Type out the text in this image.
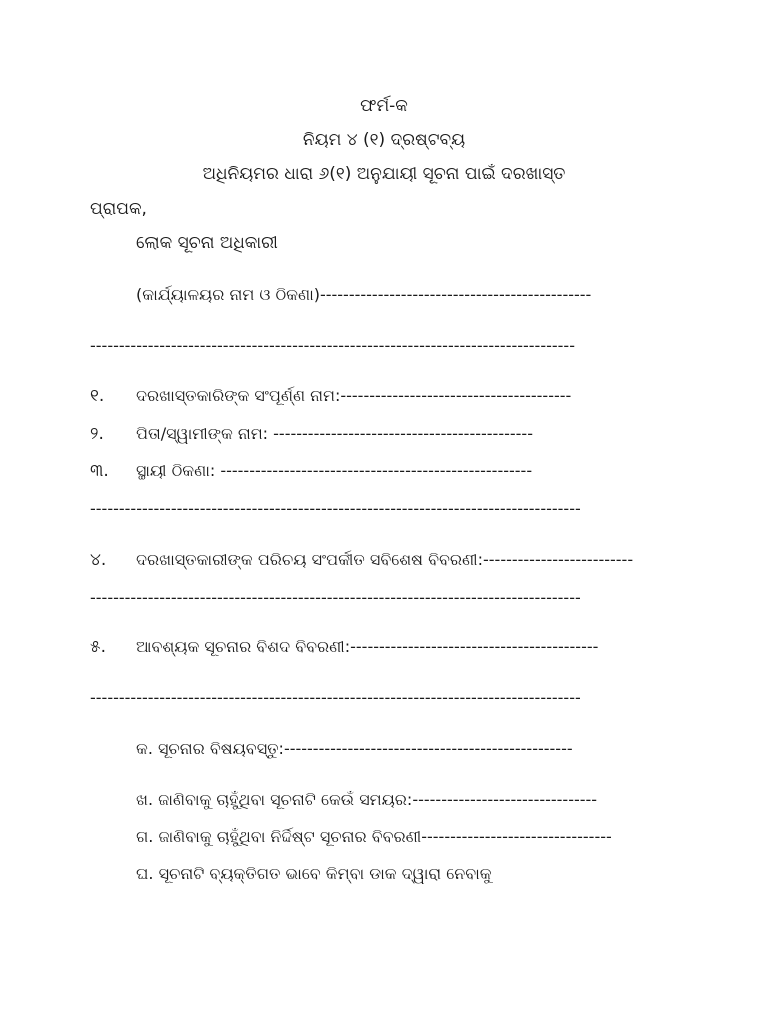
ଫର୍ମ-କ
ନିୟମ ୪ (୧) ଦ୍ରଷ୍ଟବ୍ୟ
ଅଧିନିୟମର ଧାରା ୬(୧) ଅନୁଯାୟୀ ସୂଚନା ପାଇଁ ଦରଖାସ୍ତ
ପ୍ରାପକ,
ଲୋକ ସୂଚନା ଅଧିକାରୀ
(କାର୍ଯ୍ୟାଳୟର ନାମ ଓ ଠିକଣା)-----------------------------------------------
------------------------------------------------------------------------------------
୧. ଦରଖାସ୍ତକାରିଙ୍କ ସଂପୂର୍ଣ୍ଣ ନାମ:----------------------------------------
୨. ପିତା/ସ୍ୱାମୀଙ୍କ ନାମ: ---------------------------------------------
୩. ସ୍ଥାୟୀ ଠିକଣା: ------------------------------------------------------
-------------------------------------------------------------------------------------
୪. ଦରଖାସ୍ତକାରୀଙ୍କ ପରିଚୟ ସଂପର୍କୀତ ସବିଶେଷ ବିବରଣୀ:--------------------------
-------------------------------------------------------------------------------------
୫. ଆବଶ୍ୟକ ସୂଚନାର ବିଶଦ ବିବରଣୀ:-------------------------------------------
-------------------------------------------------------------------------------------
କ. ସୂଚନାର ବିଷୟବସ୍ତୁ:--------------------------------------------------
ଖ. ଜାଣିବାକୁ ଚାହୁଁଥିବା ସୂଚନାଟି କେଉଁ ସମୟର:--------------------------------
ଗ. ଜାଣିବାକୁ ଚାହୁଁଥିବା ନିର୍ଦ୍ଦିଷ୍ଟ ସୂଚନାର ବିବରଣୀ---------------------------------
ଘ. ସୂଚନାଟି ବ୍ୟକ୍ତିଗତ ଭାବେ କିମ୍ବା ଡାକ ଦ୍ୱାରା ନେବାକୁ
